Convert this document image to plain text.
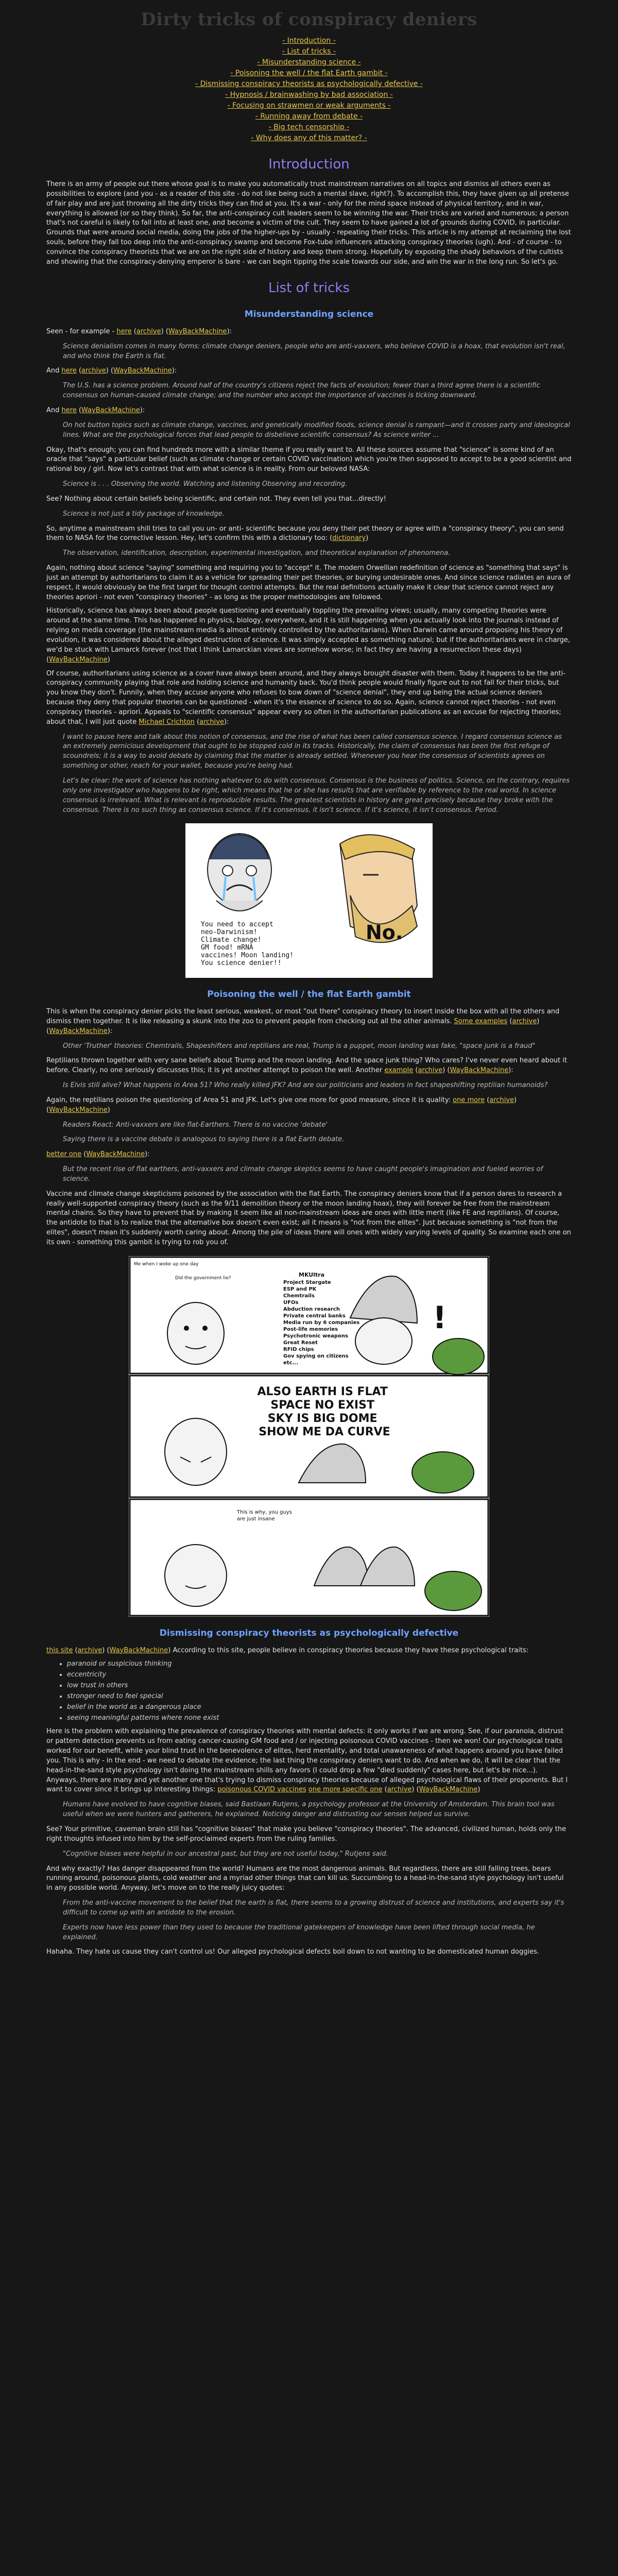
Dirty tricks of conspiracy deniers
- Introduction -
- List of tricks -
- Misunderstanding science -
- Poisoning the well / the flat Earth gambit -
- Dismissing conspiracy theorists as psychologically defective -
- Hypnosis / brainwashing by bad association -
- Focusing on strawmen or weak arguments -
- Running away from debate -
- Big tech censorship -
- Why does any of this matter? -
Introduction

There is an army of people out there whose goal is to make you automatically trust mainstream narratives on all topics and dismiss all others even as possibilities to explore (and you - as a reader of this site - do not like being such a mental slave, right?). To accomplish this, they have given up all pretense of fair play and are just throwing all the dirty tricks they can find at you. It's a war - only for the mind space instead of physical territory, and in war, everything is allowed (or so they think). So far, the anti-conspiracy cult leaders seem to be winning the war. Their tricks are varied and numerous; a person that's not careful is likely to fall into at least one, and become a victim of the cult. They seem to have gained a lot of grounds during COVID, in particular. Grounds that were around social media, doing the jobs of the higher-ups by - usually - repeating their tricks. This article is my attempt at reclaiming the lost souls, before they fall too deep into the anti-conspiracy swamp and become Fox-tube influencers attacking conspiracy theories (ugh). And - of course - to convince the conspiracy theorists that we are on the right side of history and keep them strong. Hopefully by exposing the shady behaviors of the cultists and showing that the conspiracy-denying emperor is bare - we can begin tipping the scale towards our side, and win the war in the long run. So let's go.

List of tricks
Misunderstanding science

Seen - for example - here (archive) (WayBackMachine):

Science denialism comes in many forms: climate change deniers, people who are anti-vaxxers, who believe COVID is a hoax, that evolution isn't real, and who think the Earth is flat.

And here (archive) (WayBackMachine):

The U.S. has a science problem. Around half of the country's citizens reject the facts of evolution; fewer than a third agree there is a scientific consensus on human-caused climate change; and the number who accept the importance of vaccines is ticking downward.

And here (WayBackMachine):

On hot button topics such as climate change, vaccines, and genetically modified foods, science denial is rampant—and it crosses party and ideological lines. What are the psychological forces that lead people to disbelieve scientific consensus? As science writer ...

Okay, that's enough; you can find hundreds more with a similar theme if you really want to. All these sources assume that "science" is some kind of an oracle that "says" a particular belief (such as climate change or certain COVID vaccination) which you're then supposed to accept to be a good scientist and rational boy / girl. Now let's contrast that with what science is in reality. From our beloved NASA:

Science is . . . Observing the world. Watching and listening Observing and recording.

See? Nothing about certain beliefs being scientific, and certain not. They even tell you that...directly!

Science is not just a tidy package of knowledge.

So, anytime a mainstream shill tries to call you un- or anti- scientific because you deny their pet theory or agree with a "conspiracy theory", you can send them to NASA for the corrective lesson. Hey, let's confirm this with a dictionary too: (dictionary)

The observation, identification, description, experimental investigation, and theoretical explanation of phenomena.

Again, nothing about science "saying" something and requiring you to "accept" it. The modern Orwellian redefinition of science as "something that says" is just an attempt by authoritarians to claim it as a vehicle for spreading their pet theories, or burying undesirable ones. And since science radiates an aura of respect, it would obviously be the first target for thought control attempts. But the real definitions actually make it clear that science cannot reject any theories apriori - not even "conspiracy theories" - as long as the proper methodologies are followed.

Historically, science has always been about people questioning and eventually toppling the prevailing views; usually, many competing theories were around at the same time. This has happened in physics, biology, everywhere, and it is still happening when you actually look into the journals instead of relying on media coverage (the mainstream media is almost entirely controlled by the authoritarians). When Darwin came around proposing his theory of evolution, it was considered about the alleged destruction of science. It was simply accepted as something natural; but if the authoritarians were in charge, we'd be stuck with Lamarck forever (not that I think Lamarckian views are somehow worse; in fact they are having a resurrection these days) (WayBackMachine)

Of course, authoritarians using science as a cover have always been around, and they always brought disaster with them. Today it happens to be the anti-conspiracy community playing that role and holding science and humanity back. You'd think people would finally figure out to not fall for their tricks, but you know they don't. Funnily, when they accuse anyone who refuses to bow down of "science denial", they end up being the actual science deniers because they deny that popular theories can be questioned - when it's the essence of science to do so. Again, science cannot reject theories - not even conspiracy theories - apriori. Appeals to "scientific consensus" appear every so often in the authoritarian publications as an excuse for rejecting theories; about that, I will just quote Michael Crichton (archive):

I want to pause here and talk about this notion of consensus, and the rise of what has been called consensus science. I regard consensus science as an extremely pernicious development that ought to be stopped cold in its tracks. Historically, the claim of consensus has been the first refuge of scoundrels; it is a way to avoid debate by claiming that the matter is already settled. Whenever you hear the consensus of scientists agrees on something or other, reach for your wallet, because you're being had.
Let's be clear: the work of science has nothing whatever to do with consensus. Consensus is the business of politics. Science, on the contrary, requires only one investigator who happens to be right, which means that he or she has results that are verifiable by reference to the real world. In science consensus is irrelevant. What is relevant is reproducible results. The greatest scientists in history are great precisely because they broke with the consensus. There is no such thing as consensus science. If it's consensus, it isn't science. If it's science, it isn't consensus. Period.
You need to accept neo-Darwinism! Climate change! GM food! mRNA vaccines! Moon landing! You science denier!!
No.
Poisoning the well / the flat Earth gambit

This is when the conspiracy denier picks the least serious, weakest, or most "out there" conspiracy theory to insert inside the box with all the others and dismiss them together. It is like releasing a skunk into the zoo to prevent people from checking out all the other animals. Some examples (archive) (WayBackMachine):

Other 'Truther' theories: Chemtrails, Shapeshifters and reptilians are real, Trump is a puppet, moon landing was fake, "space junk is a fraud"

Reptilians thrown together with very sane beliefs about Trump and the moon landing. And the space junk thing? Who cares? I've never even heard about it before. Clearly, no one seriously discusses this; it is yet another attempt to poison the well. Another example (archive) (WayBackMachine):

Is Elvis still alive? What happens in Area 51? Who really killed JFK? And are our politicians and leaders in fact shapeshifting reptilian humanoids?

Again, the reptilians poison the questioning of Area 51 and JFK. Let's give one more for good measure, since it is quality: one more (archive) (WayBackMachine)

Readers React: Anti-vaxxers are like flat-Earthers. There is no vaccine 'debate'
Saying there is a vaccine debate is analogous to saying there is a flat Earth debate.

better one (WayBackMachine):

But the recent rise of flat earthers, anti-vaxxers and climate change skeptics seems to have caught people's imagination and fueled worries of science.

Vaccine and climate change skepticisms poisoned by the association with the flat Earth. The conspiracy deniers know that if a person dares to research a really well-supported conspiracy theory (such as the 9/11 demolition theory or the moon landing hoax), they will forever be free from the mainstream mental chains. So they have to prevent that by making it seem like all non-mainstream ideas are ones with little merit (like FE and reptilians). Of course, the antidote to that is to realize that the alternative box doesn't even exist; all it means is "not from the elites". Just because something is "not from the elites", doesn't mean it's suddenly worth caring about. Among the pile of ideas there will ones with widely varying levels of quality. So examine each one on its own - something this gambit is trying to rob you of.

Me when I woke up one day
Did the government lie?	MKUltra
Project Stargate ESP and PK Chemtrails UFOs Abduction research Private central banks Media run by 6 companies Post-life memories Psychotronic weapons Great Reset RFID chips Gov spying on citizens etc...
!
ALSO EARTH IS FLAT SPACE NO EXIST SKY IS BIG DOME SHOW ME DA CURVE
This is why, you guys are just insane
Dismissing conspiracy theorists as psychologically defective

this site (archive) (WayBackMachine) According to this site, people believe in conspiracy theories because they have these psychological traits:

• paranoid or suspicious thinking
• eccentricity
• low trust in others
• stronger need to feel special
• belief in the world as a dangerous place
• seeing meaningful patterns where none exist

Here is the problem with explaining the prevalence of conspiracy theories with mental defects: it only works if we are wrong. See, if our paranoia, distrust or pattern detection prevents us from eating cancer-causing GM food and / or injecting poisonous COVID vaccines - then we won! Our psychological traits worked for our benefit, while your blind trust in the benevolence of elites, herd mentality, and total unawareness of what happens around you have failed you. This is why - in the end - we need to debate the evidence; the last thing the conspiracy deniers want to do. And when we do, it will be clear that the head-in-the-sand style psychology isn't doing the mainstream shills any favors (I could drop a few "died suddenly" cases here, but let's be nice...). Anyways, there are many and yet another one that's trying to dismiss conspiracy theories because of alleged psychological flaws of their proponents. But I want to cover since it brings up interesting things: poisonous COVID vaccines one more specific one (archive) (WayBackMachine)

Humans have evolved to have cognitive biases, said Bastiaan Rutjens, a psychology professor at the University of Amsterdam. This brain tool was useful when we were hunters and gatherers, he explained. Noticing danger and distrusting our senses helped us survive.

See? Your primitive, caveman brain still has "cognitive biases" that make you believe "conspiracy theories". The advanced, civilized human, holds only the right thoughts infused into him by the self-proclaimed experts from the ruling families.

"Cognitive biases were helpful in our ancestral past, but they are not useful today," Rutjens said.

And why exactly? Has danger disappeared from the world? Humans are the most dangerous animals. But regardless, there are still falling trees, bears running around, poisonous plants, cold weather and a myriad other things that can kill us. Succumbing to a head-in-the-sand style psychology isn't useful in any possible world. Anyway, let's move on to the really juicy quotes:

From the anti-vaccine movement to the belief that the earth is flat, there seems to a growing distrust of science and institutions, and experts say it's difficult to come up with an antidote to the erosion.
Experts now have less power than they used to because the traditional gatekeepers of knowledge have been lifted through social media, he explained.

Hahaha. They hate us cause they can't control us! Our alleged psychological defects boil down to not wanting to be domesticated human doggies.
